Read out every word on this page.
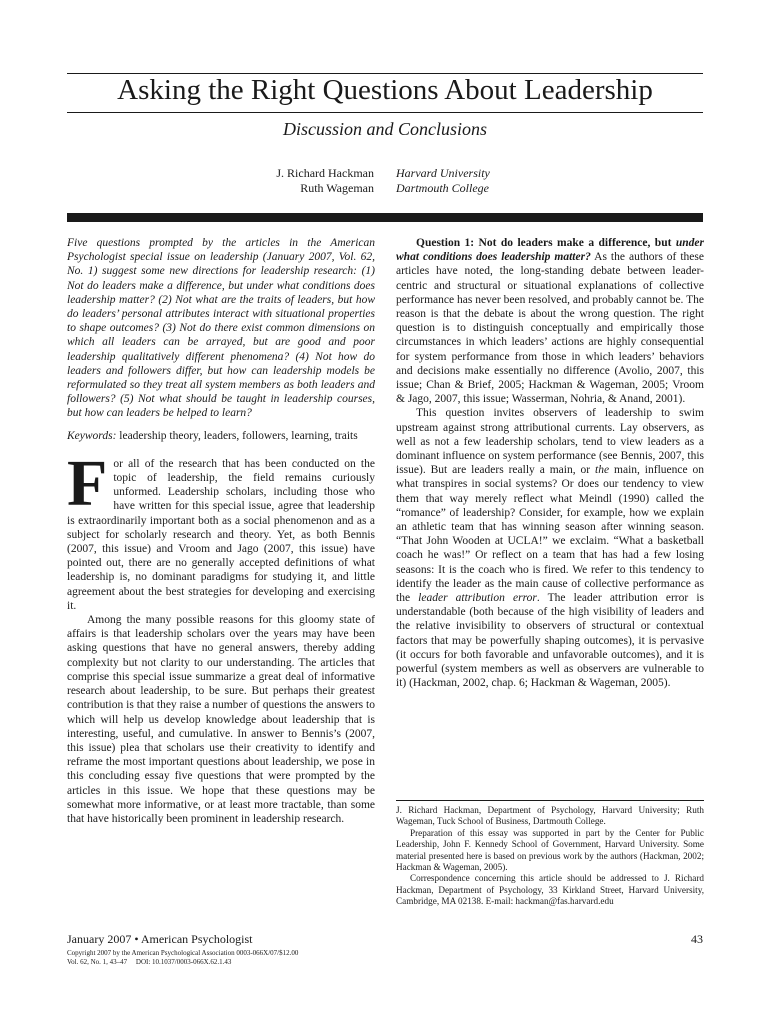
Asking the Right Questions About Leadership

Discussion and Conclusions

J. Richard Hackman
Ruth Wageman
Harvard University
Dartmouth College

Five questions prompted by the articles in the American Psychologist special issue on leadership (January 2007, Vol. 62, No. 1) suggest some new directions for leadership research: (1) Not do leaders make a difference, but under what conditions does leadership matter? (2) Not what are the traits of leaders, but how do leaders’ personal attributes interact with situational properties to shape outcomes? (3) Not do there exist common dimensions on which all leaders can be arrayed, but are good and poor leadership qualitatively different phenomena? (4) Not how do leaders and followers differ, but how can leadership models be reformulated so they treat all system members as both leaders and followers? (5) Not what should be taught in leadership courses, but how can leaders be helped to learn?

Keywords: leadership theory, leaders, followers, learning, traits

For all of the research that has been conducted on the topic of leadership, the field remains curiously unformed. Leadership scholars, including those who have written for this special issue, agree that leadership is extraordinarily important both as a social phenomenon and as a subject for scholarly research and theory. Yet, as both Bennis (2007, this issue) and Vroom and Jago (2007, this issue) have pointed out, there are no generally accepted definitions of what leadership is, no dominant paradigms for studying it, and little agreement about the best strategies for developing and exercising it.

Among the many possible reasons for this gloomy state of affairs is that leadership scholars over the years may have been asking questions that have no general answers, thereby adding complexity but not clarity to our understanding. The articles that comprise this special issue summarize a great deal of informative research about leadership, to be sure. But perhaps their greatest contribution is that they raise a number of questions the answers to which will help us develop knowledge about leadership that is interesting, useful, and cumulative. In answer to Bennis’s (2007, this issue) plea that scholars use their creativity to identify and reframe the most important questions about leadership, we pose in this concluding essay five questions that were prompted by the articles in this issue. We hope that these questions may be somewhat more informative, or at least more tractable, than some that have historically been prominent in leadership research.

Question 1: Not do leaders make a difference, but under what conditions does leadership matter? As the authors of these articles have noted, the long-standing debate between leader-centric and structural or situational explanations of collective performance has never been resolved, and probably cannot be. The reason is that the debate is about the wrong question. The right question is to distinguish conceptually and empirically those circumstances in which leaders’ actions are highly consequential for system performance from those in which leaders’ behaviors and decisions make essentially no difference (Avolio, 2007, this issue; Chan & Brief, 2005; Hackman & Wageman, 2005; Vroom & Jago, 2007, this issue; Wasserman, Nohria, & Anand, 2001).

This question invites observers of leadership to swim upstream against strong attributional currents. Lay observers, as well as not a few leadership scholars, tend to view leaders as a dominant influence on system performance (see Bennis, 2007, this issue). But are leaders really a main, or the main, influence on what transpires in social systems? Or does our tendency to view them that way merely reflect what Meindl (1990) called the “romance” of leadership? Consider, for example, how we explain an athletic team that has winning season after winning season. “That John Wooden at UCLA!” we exclaim. “What a basketball coach he was!” Or reflect on a team that has had a few losing seasons: It is the coach who is fired. We refer to this tendency to identify the leader as the main cause of collective performance as the leader attribution error. The leader attribution error is understandable (both because of the high visibility of leaders and the relative invisibility to observers of structural or contextual factors that may be powerfully shaping outcomes), it is pervasive (it occurs for both favorable and unfavorable outcomes), and it is powerful (system members as well as observers are vulnerable to it) (Hackman, 2002, chap. 6; Hackman & Wageman, 2005).

J. Richard Hackman, Department of Psychology, Harvard University; Ruth Wageman, Tuck School of Business, Dartmouth College.

Preparation of this essay was supported in part by the Center for Public Leadership, John F. Kennedy School of Government, Harvard University. Some material presented here is based on previous work by the authors (Hackman, 2002; Hackman & Wageman, 2005).

Correspondence concerning this article should be addressed to J. Richard Hackman, Department of Psychology, 33 Kirkland Street, Harvard University, Cambridge, MA 02138. E-mail: hackman@fas.harvard.edu

January 2007 • American Psychologist
Copyright 2007 by the American Psychological Association 0003-066X/07/$12.00
Vol. 62, No. 1, 43–47     DOI: 10.1037/0003-066X.62.1.43
43
